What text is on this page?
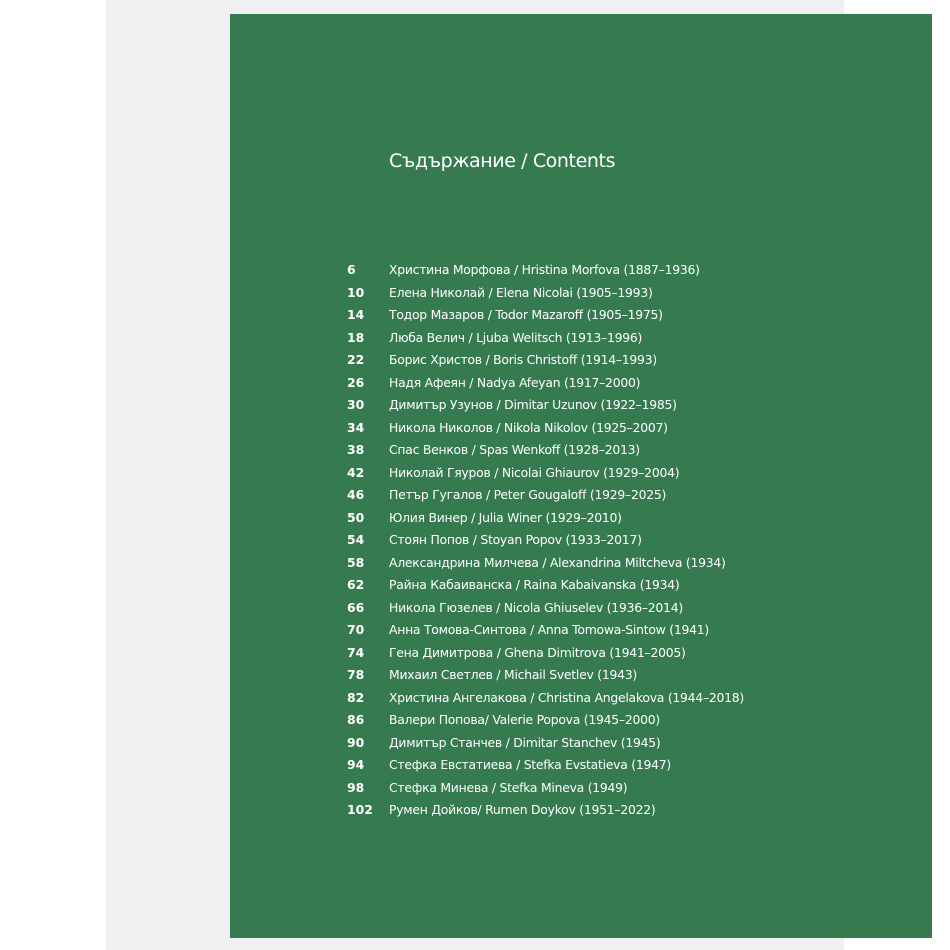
Съдържание / Contents
6	Христина Морфова / Hristina Morfova (1887–1936)
10 Елена Николай / Elena Nicolai (1905–1993)
14Тодор Мазаров / Todor Mazaroff (1905–1975)
18 Люба Велич / Ljuba Welitsch (1913–1996)
22 Борис Христов / Boris Christoff (1914–1993)
26 Надя Афеян / Nadya Afeyan (1917–2000)
30 Димитър Узунов / Dimitar Uzunov (1922–1985)
34 Никола Николов / Nikola Nikolov (1925–2007)
38 Спас Венков / Spas Wenkoff (1928–2013)
42 Николай Гяуров / Nicolai Ghiaurov (1929–2004)
46 Петър Гугалов / Peter Gougaloff (1929–2025)
50 Юлия Винер / Julia Winer (1929–2010)
54 Стоян Попов / Stoyan Popov (1933–2017)
58 Александрина Милчева / Alexandrina Miltcheva (1934)
62 Райна Кабаиванска / Raina Kabaivanska (1934)
66 Никола Гюзелев / Nicola Ghiuselev (1936–2014)
70 Анна Томова-Синтова / Anna Tomowa-Sintow (1941)
74 Гена Димитрова / Ghena Dimitrova (1941–2005)
78 Михаил Светлев / Michail Svetlev (1943)
82 Христина Ангелакова / Christina Angelakova (1944–2018)
86 Валери Попова/ Valerie Popova (1945–2000)
90 Димитър Станчев / Dimitar Stanchev (1945)
94 Стефка Евстатиева / Stefka Evstatieva (1947)
98 Стефка Минева / Stefka Mineva (1949)
102 Румен Дойков/ Rumen Doykov (1951–2022)
